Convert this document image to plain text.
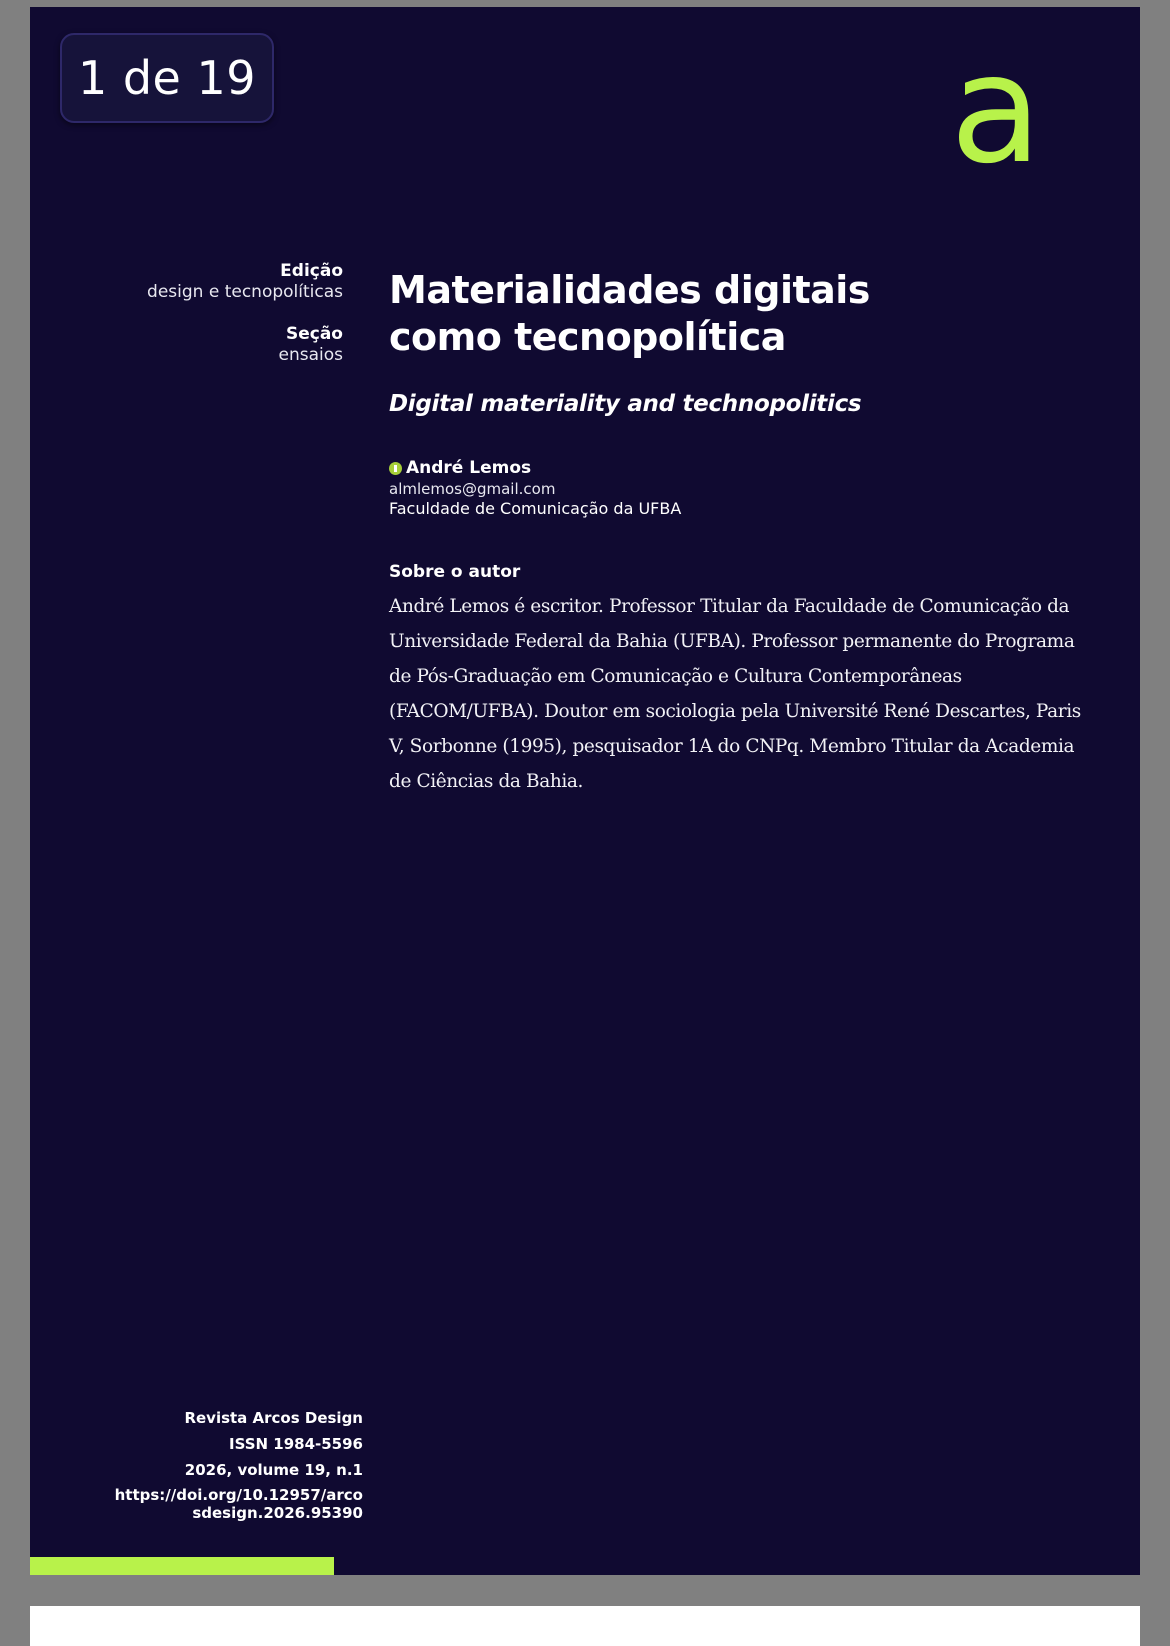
1 de 19	a
Edição
design e tecnopolíticas
Seção
ensaios
Materialidades digitais
como tecnopolítica
Digital materiality and technopolitics
André Lemos
almlemos@gmail.com
Faculdade de Comunicação da UFBA
Sobre o autor
André Lemos é escritor. Professor Titular da Faculdade de Comunicação da Universidade Federal da Bahia (UFBA). Professor permanente do Programa de Pós-Graduação em Comunicação e Cultura Contemporâneas (FACOM/UFBA). Doutor em sociologia pela Université René Descartes, Paris V, Sorbonne (1995), pesquisador 1A do CNPq. Membro Titular da Academia de Ciências da Bahia.
Revista Arcos Design
ISSN 1984-5596
2026, volume 19, n.1
https://doi.org/10.12957/arcosdesign.2026.95390
